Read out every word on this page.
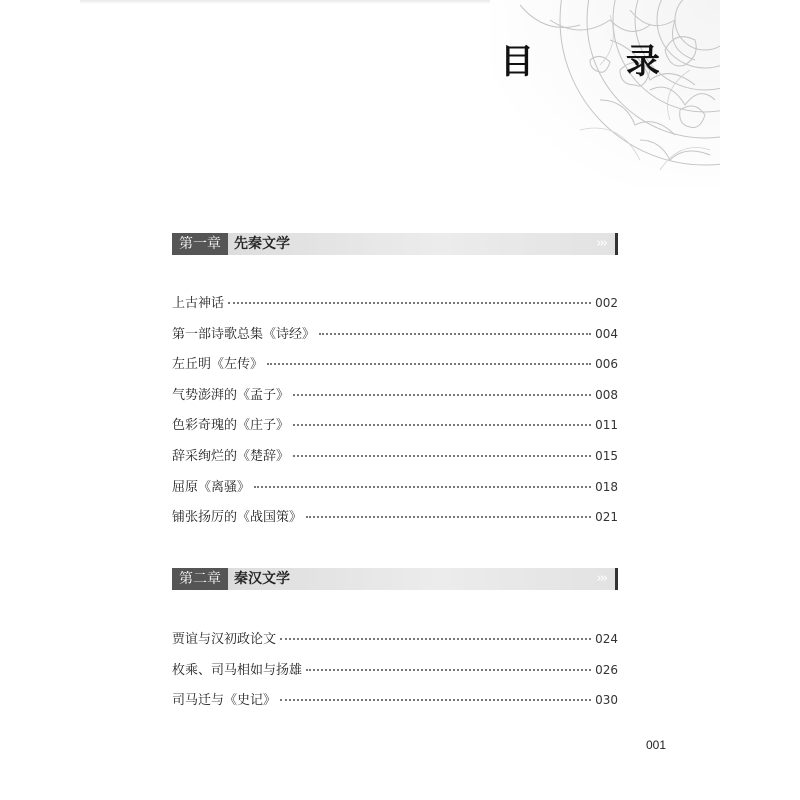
目 录
第一章 先秦文学	›››
上古神话	002
第一部诗歌总集《诗经》	004
左丘明《左传》	006
气势澎湃的《孟子》	008
色彩奇瑰的《庄子》	011
辞采绚烂的《楚辞》	015
屈原《离骚》	018
铺张扬厉的《战国策》	021
第二章 秦汉文学	›››
贾谊与汉初政论文	024
枚乘、司马相如与扬雄	026
司马迁与《史记》	030
001
